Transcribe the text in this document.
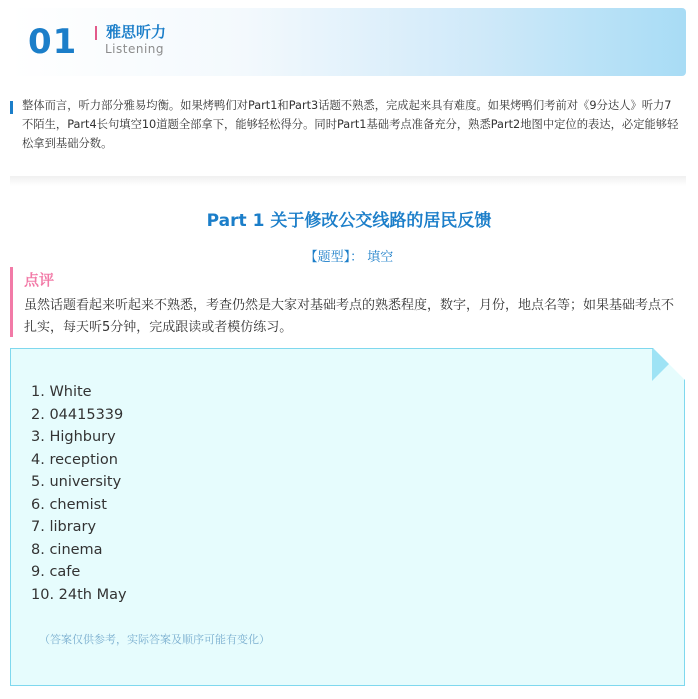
01 雅思听力
Listening

整体而言，听力部分雅易均衡。如果烤鸭们对Part1和Part3话题不熟悉，完成起来具有难度。如果烤鸭们考前对《9分达人》听力7 不陌生，Part4长句填空10道题全部拿下，能够轻松得分。同时Part1基础考点准备充分，熟悉Part2地图中定位的表达，必定能够轻松拿到基础分数。

Part 1 关于修改公交线路的居民反馈
【题型】： 填空
点评

虽然话题看起来听起来不熟悉，考查仍然是大家对基础考点的熟悉程度，数字，月份，地点名等；如果基础考点不扎实，每天听5分钟，完成跟读或者模仿练习。

1. White
2. 04415339
3. Highbury
4. reception
5. university
6. chemist
7. library
8. cinema
9. cafe
10. 24th May
（答案仅供参考，实际答案及顺序可能有变化）
